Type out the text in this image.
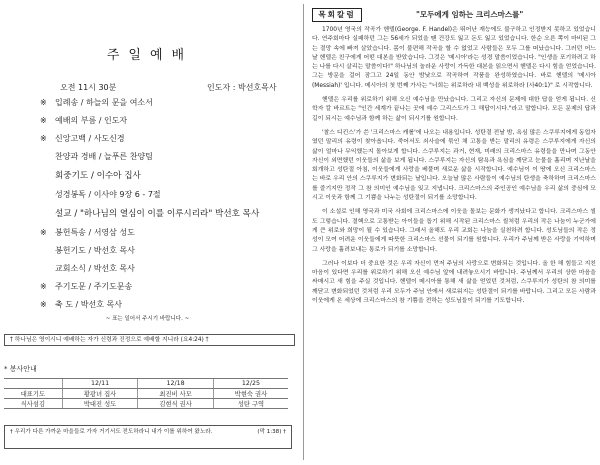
주일예배
오전 11시 30분	인도자 : 박선호목사
※ 입례송 / 하늘의 문을 여소서
※ 예배의 부름 / 인도자
※ 신앙고백 / 사도신경
찬양과 경배 / 늘푸른 찬양팀
회중기도 / 이수아 집사
성경봉독 / 이사야 9장 6 - 7절
설교 / "하나님의 열심이 이를 이루시리라" 박선호 목사
※ 봉헌특송 / 서영삼 성도
봉헌기도 / 박선호 목사
교회소식 / 박선호 목사
※ 주기도문 / 주기도문송
※ 축 도 / 박선호 목사
~ 표는 일어서 주시기 바랍니다. ~
† 하나님은 영이시니 예배하는 자가 신령과 진정으로 예배할 지니라 (요4:24) †
* 봉사안내
	12/11	12/18	12/25
대표기도	황광녀 집사	최진비 사모	박현숙 권사
식사섬김	박대진 성도	김현식 권사	성탄 구역
† 우리가 다른 가까운 마을들로 가자 거기서도 전도하라니 내가 이를 위하여 왔노라.	(막 1:38) †
목회칼럼	"모두에게 임하는 크리스마스를"

1700년 영국의 작곡가 헨델(George. F. Handel)은 뛰어난 재능에도 불구하고 인정받지 못하고 있었습니다. 연주회마다 실패하던 그는 56세가 되었을 땐 건강도 잃고 돈도 잃고 있었습니다. 한순 오른 쪽이 마비된 그는 절망 속에 빠져 살았습니다. 몸이 불편해 작곡을 할 수 없었고 사람들은 모두 그를 떠났습니다. 그러던 어느 날 헨델은 친구에게 어떤 대본을 받았습니다. 그것은 '메시아'라는 성경 말씀이었습니다. "인생을 포기하려고 하는 나를 다시 살리는 말씀이다!" 하나님의 놀라운 사랑이 가득한 대본을 읽으면서 헨델은 다시 힘을 얻었습니다. 그는 방문을 걸어 잠그고 24일 동안 밤낮으로 작곡하여 작품을 완성하였습니다. 바로 헨델의 '메시아(Messiah)' 입니다. 메시아의 첫 번째 가사는 "너희는 위로하라 내 백성을 위로하라 (사40:1)" 로 시작합니다.

헨델은 우리를 위로하기 위해 오신 예수님을 만났습니다. 그리고 자신의 문제에 대한 답을 얻게 됩니다. 신학자 칼 바르트는 "인간 세계가 끝나는 곳에 예수 그리스도가 그 해답이시다."라고 말합니다. 모든 문제의 답과 길이 되시는 예수님과 함께 하는 삶이 되시기를 원합니다.

'찰스 디킨스'가 쓴 '크리스마스 캐롤'에 나오는 내용입니다. 성탄절 전날 밤, 욕심 많은 스쿠루지에게 동업자였던 말리의 유령이 찾아옵니다. 죽어서도 쇠사슬에 묶인 채 고통을 받는 말리의 유령은 스쿠루지에게 자신의 삶이 얼마나 무익했는지 돌아보게 합니다. 스쿠루지는 과거, 현재, 미래의 크리스마스 유령들을 만나며 그동안 자신이 외면했던 이웃들의 삶을 보게 됩니다. 스쿠루지는 자신의 탐욕과 욕심을 깨닫고 눈물을 흘리며 지난날을 회개하고 성탄절 아침, 이웃들에게 사랑을 베풀며 새로운 삶을 시작합니다. 예수님이 이 땅에 오신 크리스마스는 바로 우리 안의 스쿠루지가 변화되는 날입니다. 오늘날 많은 사람들이 예수님의 탄생을 축하하며 크리스마스를 즐기지만 정작 그 참 의미인 예수님을 잊고 지냅니다. 크리스마스의 주인공인 예수님을 우리 삶의 중심에 모시고 이웃과 함께 그 기쁨을 나누는 성탄절이 되기를 소망합니다.

이 소설로 인해 영국과 미국 사회에 크리스마스에 이웃을 돌보는 문화가 생겨났다고 합니다. 크리스마스 씰도 그렇습니다. 결핵으로 고통받는 아이들을 돕기 위해 시작된 크리스마스 씰처럼 우리의 작은 나눔이 누군가에게 큰 위로와 희망이 될 수 있습니다. 그래서 올해도 우리 교회는 나눔을 실천하려 합니다. 성도님들의 작은 정성이 모여 어려운 이웃들에게 따뜻한 크리스마스 선물이 되기를 원합니다. 우리가 주님께 받은 사랑을 기억하며 그 사랑을 흘려보내는 통로가 되기를 소망합니다.

그러나 이보다 더 중요한 것은 우리 자신이 먼저 주님의 사랑으로 변화되는 것입니다. 올 한 해 힘들고 지친 마음이 있다면 우리를 위로하기 위해 오신 예수님 앞에 내려놓으시기 바랍니다. 주님께서 우리의 상한 마음을 싸매시고 새 힘을 주실 것입니다. 헨델이 메시아를 통해 새 삶을 얻었던 것처럼, 스쿠루지가 성탄의 참 의미를 깨닫고 변화되었던 것처럼 우리 모두가 주님 안에서 새로워지는 성탄절이 되기를 바랍니다. 그리고 모든 사람과 이웃에게 온 세상에 크리스마스의 참 기쁨을 전하는 성도님들이 되기를 기도합니다.
